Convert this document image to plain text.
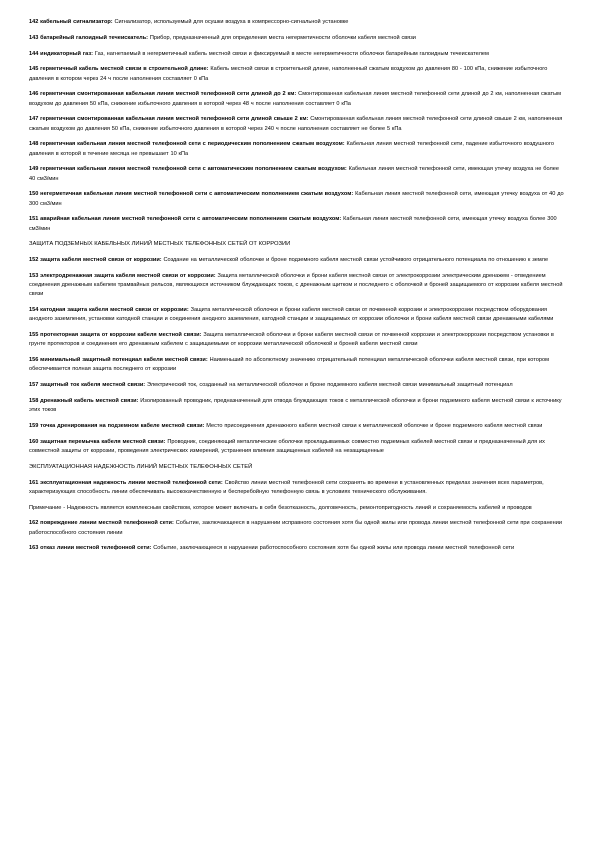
142 кабельный сигнализатор: Сигнализатор, используемый для осушки воздуха в компрессорно-сигнальной установке

143 батарейный галоидный течеискатель: Прибор, предназначенный для определения места негерметичности оболочки кабеля местной связи

144 индикаторный газ: Газ, нагнетаемый в негерметичный кабель местной связи и фиксируемый в месте негерметичности оболочки батарейным галоидным течеискателем

145 герметичный кабель местной связи в строительной длине: Кабель местной связи в строительной длине, наполненный сжатым воздухом до давления 80 - 100 кПа, снижение избыточного давления в котором через 24 ч после наполнения составляет 0 кПа

146 герметичная смонтированная кабельная линия местной телефонной сети длиной до 2 км: Смонтированная кабельная линия местной телефонной сети длиной до 2 км, наполненная сжатым воздухом до давления 50 кПа, снижение избыточного давления в которой через 48 ч после наполнения составляет 0 кПа

147 герметичная смонтированная кабельная линия местной телефонной сети длиной свыше 2 км: Смонтированная кабельная линия местной телефонной сети длиной свыше 2 км, наполненная сжатым воздухом до давления 50 кПа, снижение избыточного давления в которой через 240 ч после наполнения составляет не более 5 кПа

148 герметичная кабельная линия местной телефонной сети с периодическим пополнением сжатым воздухом: Кабельная линия местной телефонной сети, падение избыточного воздушного давления в которой в течение месяца не превышает 10 кПа

149 герметичная кабельная линия местной телефонной сети с автоматическим пополнением сжатым воздухом: Кабельная линия местной телефонной сети, имеющая утечку воздуха не более 40 см3/мин

150 негерметичная кабельная линия местной телефонной сети с автоматическим пополнением сжатым воздухом: Кабельная линия местной телефонной сети, имеющая утечку воздуха от 40 до 300 см3/мин

151 аварийная кабельная линия местной телефонной сети с автоматическим пополнением сжатым воздухом: Кабельная линия местной телефонной сети, имеющая утечку воздуха более 300 см3/мин

ЗАЩИТА ПОДЗЕМНЫХ КАБЕЛЬНЫХ ЛИНИЙ МЕСТНЫХ ТЕЛЕФОННЫХ СЕТЕЙ ОТ КОРРОЗИИ

152 защита кабеля местной связи от коррозии: Создание на металлической оболочке и броне подземного кабеля местной связи устойчивого отрицательного потенциала по отношению к земле

153 электродренажная защита кабеля местной связи от коррозии: Защита металлической оболочки и брони кабеля местной связи от электрокоррозии электрическим дренажем - отведением соединения дренажным кабелем трамвайных рельсов, являющихся источником блуждающих токов, с дренажным щитком и последнего с оболочкой и броней защищаемого от коррозии кабеля местной связи

154 катодная защита кабеля местной связи от коррозии: Защита металлической оболочки и брони кабеля местной связи от почвенной коррозии и электрокоррозии посредством оборудования анодного заземления, установки катодной станции и соединения анодного заземления, катодной станции и защищаемых от коррозии оболочки и брони кабеля местной связи дренажными кабелями

155 протекторная защита от коррозии кабеля местной связи: Защита металлической оболочки и брони кабеля местной связи от почвенной коррозии и электрокоррозии посредством установки в грунте протекторов и соединения его дренажным кабелем с защищаемыми от коррозии металлической оболочкой и броней кабеля местной связи

156 минимальный защитный потенциал кабеля местной связи: Наименьший по абсолютному значению отрицательный потенциал металлической оболочки кабеля местной связи, при котором обеспечивается полная защита последнего от коррозии

157 защитный ток кабеля местной связи: Электрический ток, созданный на металлической оболочке и броне подземного кабеля местной связи минимальный защитный потенциал

158 дренажный кабель местной связи: Изолированный проводник, предназначенный для отвода блуждающих токов с металлической оболочки и брони подземного кабеля местной связи к источнику этих токов

159 точка дренирования на подземном кабеле местной связи: Место присоединения дренажного кабеля местной связи к металлической оболочке и броне подземного кабеля местной связи

160 защитная перемычка кабеля местной связи: Проводник, соединяющий металлические оболочки прокладываемых совместно подземных кабелей местной связи и предназначенный для их совместной защиты от коррозии, проведения электрических измерений, устранения влияния защищенных кабелей на незащищенные

ЭКСПЛУАТАЦИОННАЯ НАДЕЖНОСТЬ ЛИНИЙ МЕСТНЫХ ТЕЛЕФОННЫХ СЕТЕЙ

161 эксплуатационная надежность линии местной телефонной сети: Свойство линии местной телефонной сети сохранять во времени в установленных пределах значения всех параметров, характеризующих способность линии обеспечивать высококачественную и бесперебойную телефонную связь в условиях технического обслуживания.

Примечание - Надежность является комплексным свойством, которое может включать в себя безотказность, долговечность, ремонтопригодность линий и сохраняемость кабелей и проводов

162 повреждение линии местной телефонной сети: Событие, заключающееся в нарушении исправного состояния хотя бы одной жилы или провода линии местной телефонной сети при сохранении работоспособного состояния линии

163 отказ линии местной телефонной сети: Событие, заключающееся в нарушении работоспособного состояния хотя бы одной жилы или провода линии местной телефонной сети
